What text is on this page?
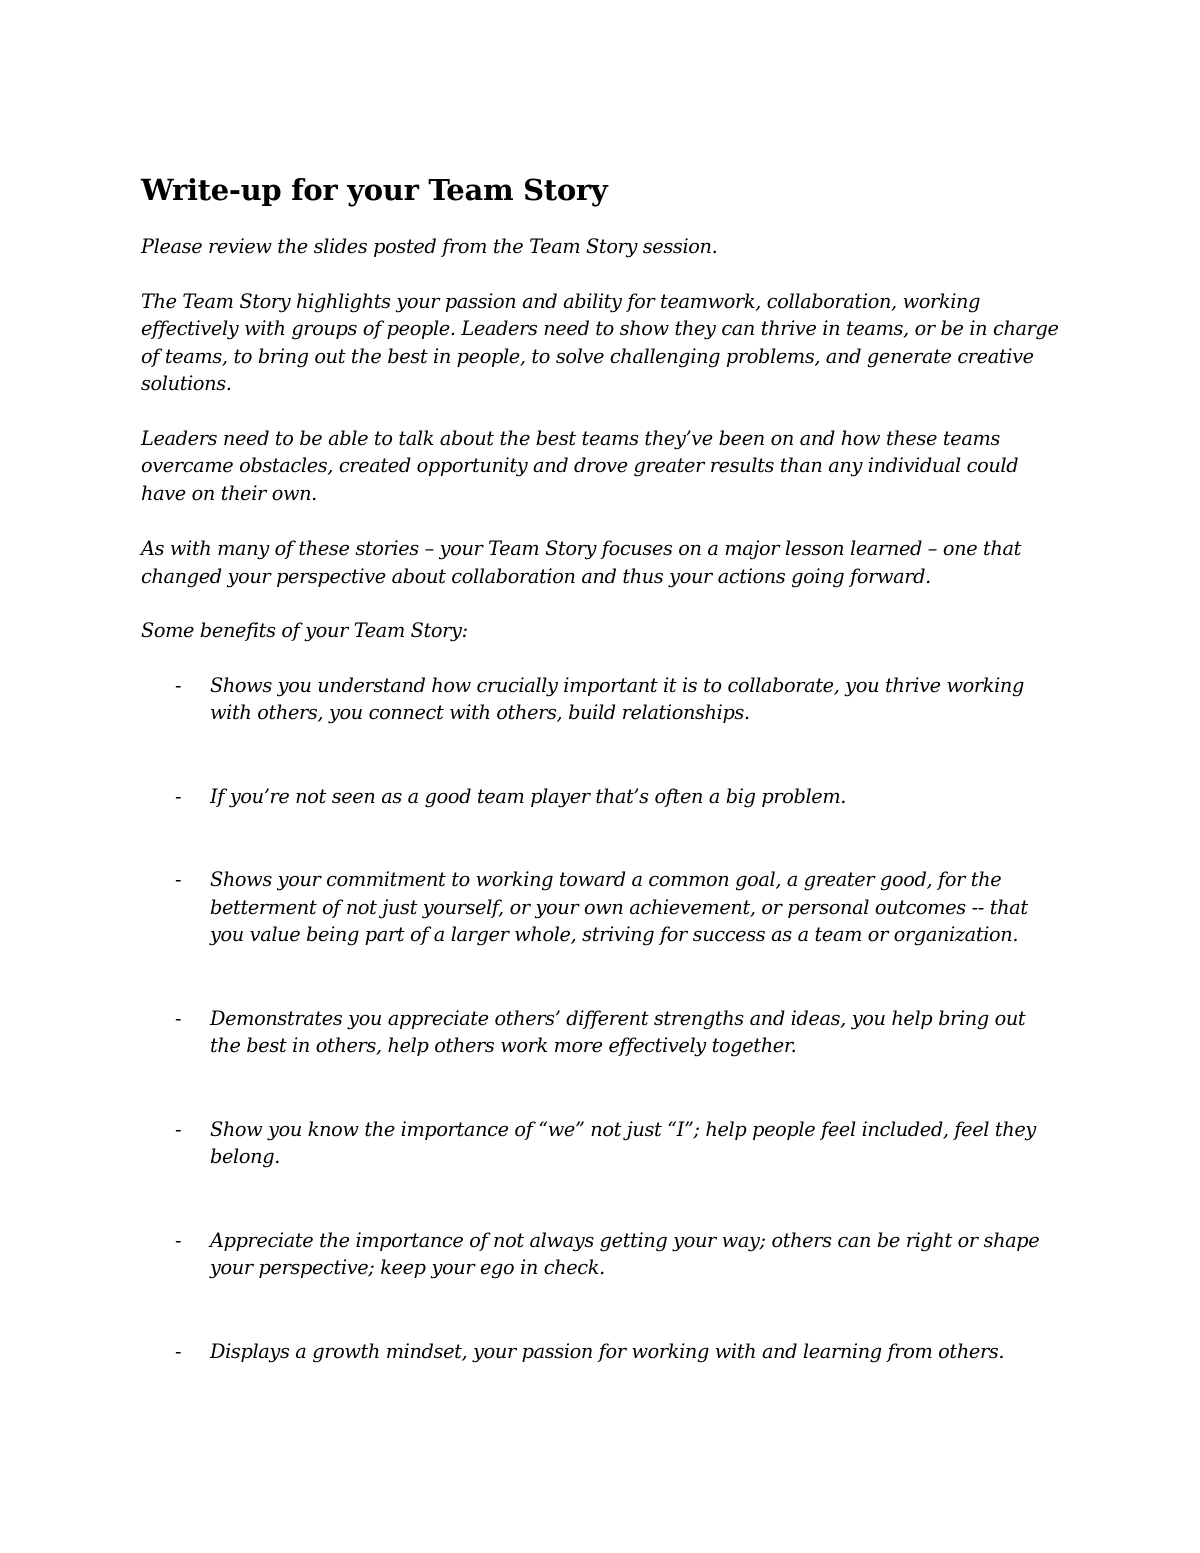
Write-up for your Team Story

Please review the slides posted from the Team Story session.

The Team Story highlights your passion and ability for teamwork, collaboration, working effectively with groups of people. Leaders need to show they can thrive in teams, or be in charge of teams, to bring out the best in people, to solve challenging problems, and generate creative solutions.

Leaders need to be able to talk about the best teams they’ve been on and how these teams overcame obstacles, created opportunity and drove greater results than any individual could have on their own.

As with many of these stories – your Team Story focuses on a major lesson learned – one that changed your perspective about collaboration and thus your actions going forward.

Some benefits of your Team Story:

- Shows you understand how crucially important it is to collaborate, you thrive working with others, you connect with others, build relationships.
- If you’re not seen as a good team player that’s often a big problem.
- Shows your commitment to working toward a common goal, a greater good, for the betterment of not just yourself, or your own achievement, or personal outcomes -- that you value being part of a larger whole, striving for success as a team or organization.
- Demonstrates you appreciate others’ different strengths and ideas, you help bring out the best in others, help others work more effectively together.
- Show you know the importance of “we” not just “I”; help people feel included, feel they belong.
- Appreciate the importance of not always getting your way; others can be right or shape your perspective; keep your ego in check.
- Displays a growth mindset, your passion for working with and learning from others.
